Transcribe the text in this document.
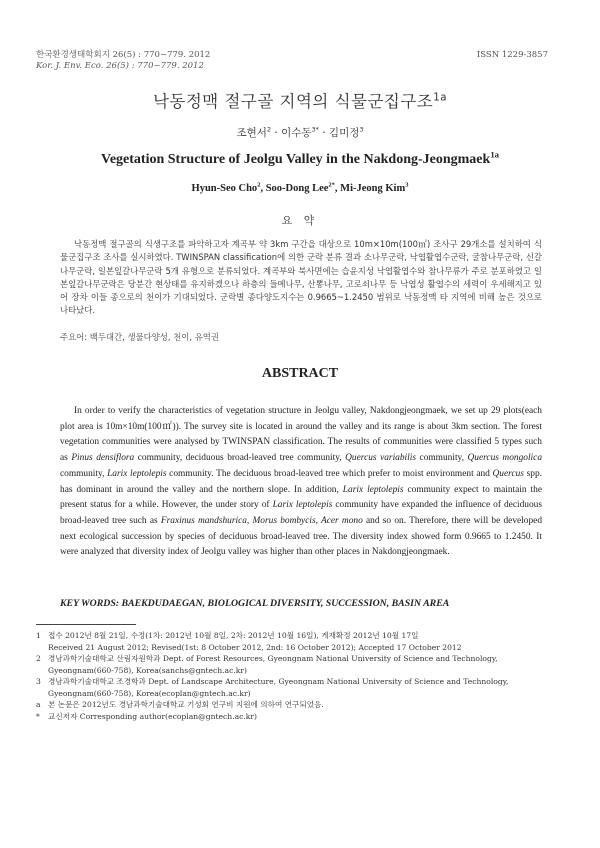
한국환경생태학회지 26(5) : 770~779. 2012	ISSN 1229-3857
Kor. J. Env. Eco. 26(5) : 770~779. 2012
낙동정맥 절구골 지역의 식물군집구조$^{1a}$
조현서$^2$ · 이수동$^{3*}$ · 김미정$^3$
Vegetation Structure of Jeolgu Valley in the Nakdong-Jeongmaek$^{1a}$
Hyun-Seo Cho$^2$, Soo-Dong Lee$^{2*}$, Mi-Jeong Kim$^3$
요 약

낙동정맥 절구골의 식생구조를 파악하고자 계곡부 약 3km 구간을 대상으로 10m×10m(100㎡) 조사구 29개소를 설치하여 식물군집구조 조사를 실시하였다. TWINSPAN classification에 의한 군락 분류 결과 소나무군락, 낙엽활엽수군락, 굴참나무군락, 신갈나무군락, 일본잎갈나무군락 5개 유형으로 분류되었다. 계곡부와 북사면에는 습윤지성 낙엽활엽수와 참나무류가 주로 분포하였고 일본잎갈나무군락은 당분간 현상태를 유지하겠으나 하층의 들메나무, 산뽕나무, 고로쇠나무 등 낙엽성 활엽수의 세력이 우세해지고 있어 장차 이들 종으로의 천이가 기대되었다. 군락별 종다양도지수는 0.9665~1.2450 범위로 낙동정맥 타 지역에 비해 높은 것으로 나타났다.

주요어: 백두대간, 생물다양성, 천이, 유역권
ABSTRACT

In order to verify the characteristics of vegetation structure in Jeolgu valley, Nakdongjeongmaek, we set up 29 plots(each plot area is 10m×10m(100㎡)). The survey site is located in around the valley and its range is about 3km section. The forest vegetation communities were analysed by TWINSPAN classification. The results of communities were classified 5 types such as Pinus densiflora community, deciduous broad-leaved tree community, Quercus variabilis community, Quercus mongolica community, Larix leptolepis community. The deciduous broad-leaved tree which prefer to moist environment and Quercus spp. has dominant in around the valley and the northern slope. In addition, Larix leptolepis community expect to maintain the present status for a while. However, the under story of Larix leptolepis community have expanded the influence of deciduous broad-leaved tree such as Fraxinus mandshurica, Morus bombycis, Acer mono and so on. Therefore, there will be developed next ecological succession by species of deciduous broad-leaved tree. The diversity index showed form 0.9665 to 1.2450. It were analyzed that diversity index of Jeolgu valley was higher than other places in Nakdongjeongmaek.

KEY WORDS: BAEKDUDAEGAN, BIOLOGICAL DIVERSITY, SUCCESSION, BASIN AREA
1 접수 2012년 8월 21일, 수정(1차: 2012년 10월 8일, 2차: 2012년 10월 16일), 게재확정 2012년 10월 17일
Received 21 August 2012; Revised(1st: 8 October 2012, 2nd: 16 October 2012); Accepted 17 October 2012
2 경남과학기술대학교 산림자원학과 Dept. of Forest Resources, Gyeongnam National University of Science and Technology, Gyeongnam(660-758), Korea(sanchs@gntech.ac.kr)
3 경남과학기술대학교 조경학과 Dept. of Landscape Architecture, Gyeongnam National University of Science and Technology, Gyeongnam(660-758), Korea(ecoplan@gntech.ac.kr)
a 본 논문은 2012년도 경남과학기술대학교 기성회 연구비 지원에 의하여 연구되었음.
*	교신저자 Corresponding author(ecoplan@gntech.ac.kr)
